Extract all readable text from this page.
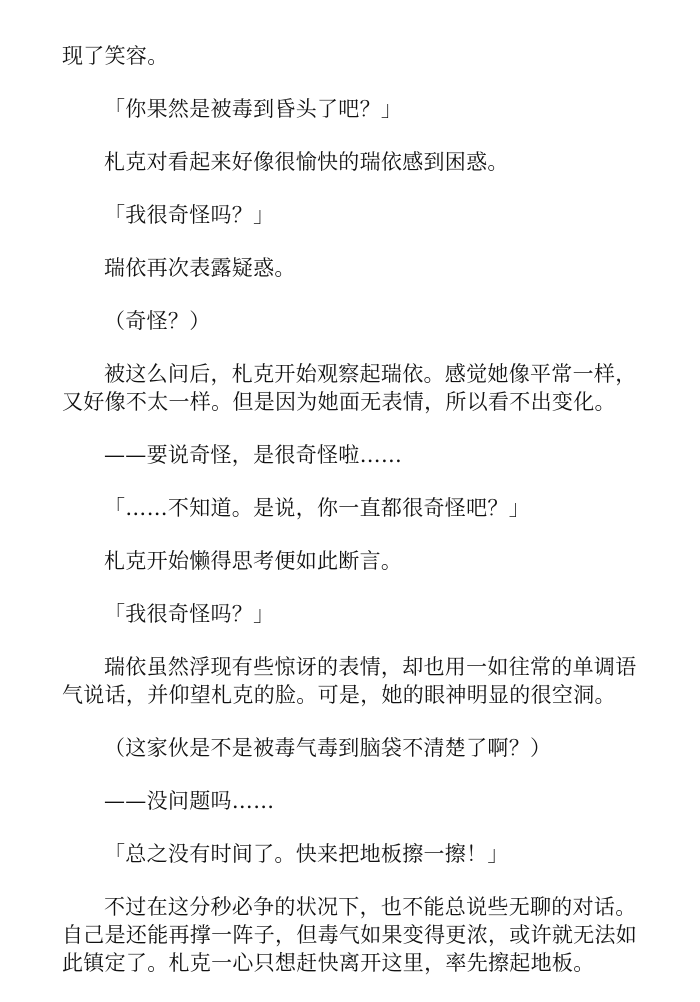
现了笑容。

「你果然是被毒到昏头了吧？」

札克对看起来好像很愉快的瑞依感到困惑。

「我很奇怪吗？」

瑞依再次表露疑惑。

（奇怪？）

被这么问后，札克开始观察起瑞依。感觉她像平常一样，又好像不太一样。但是因为她面无表情，所以看不出变化。

——要说奇怪，是很奇怪啦……

「……不知道。是说，你一直都很奇怪吧？」

札克开始懒得思考便如此断言。

「我很奇怪吗？」

瑞依虽然浮现有些惊讶的表情，却也用一如往常的单调语气说话，并仰望札克的脸。可是，她的眼神明显的很空洞。

（这家伙是不是被毒气毒到脑袋不清楚了啊？）

——没问题吗……

「总之没有时间了。快来把地板擦一擦！」

不过在这分秒必争的状况下，也不能总说些无聊的对话。自己是还能再撑一阵子，但毒气如果变得更浓，或许就无法如此镇定了。札克一心只想赶快离开这里，率先擦起地板。
